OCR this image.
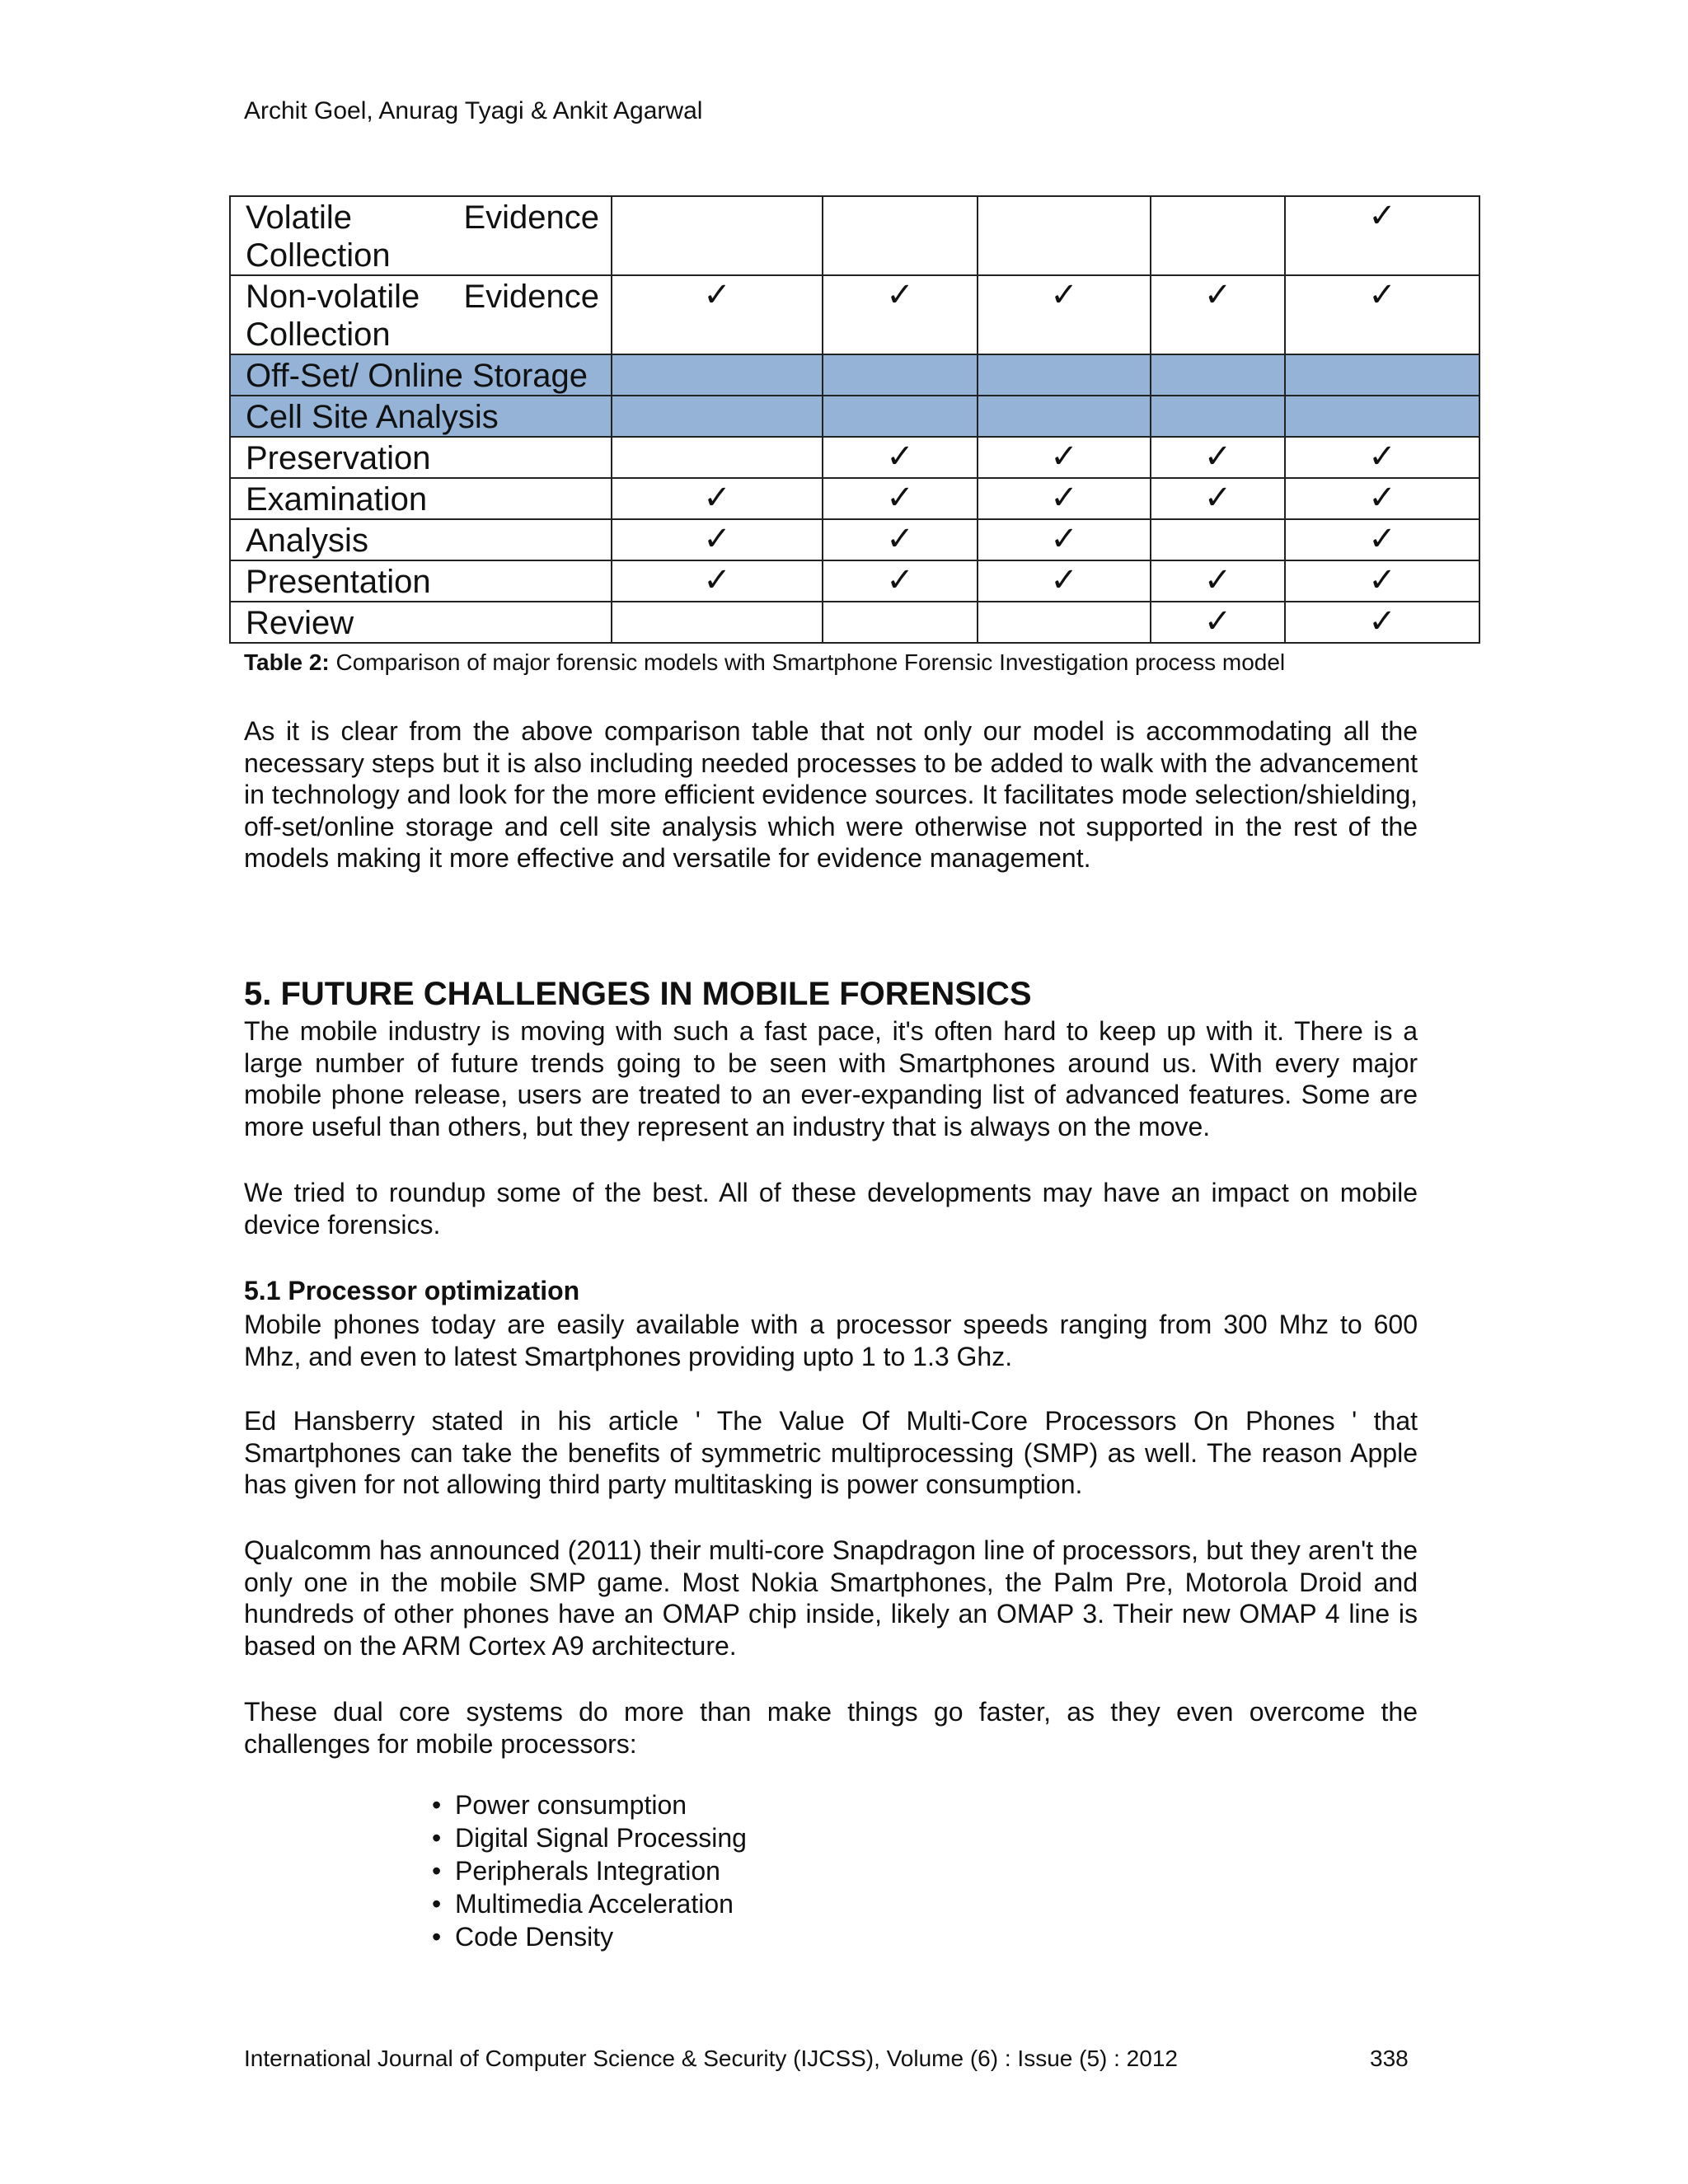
Archit Goel, Anurag Tyagi & Ankit Agarwal
Volatile Evidence
Collection					✓

Non-volatile Evidence
Collection	✓	✓	✓	✓	✓

Off-Set/ Online Storage					

Cell Site Analysis					

Preservation		✓	✓	✓	✓

Examination	✓	✓	✓	✓	✓

Analysis	✓	✓	✓		✓

Presentation	✓	✓	✓	✓	✓

Review				✓	✓
Table 2: Comparison of major forensic models with Smartphone Forensic Investigation process model
As it is clear from the above comparison table that not only our model is accommodating all the necessary steps but it is also including needed processes to be added to walk with the advancement in technology and look for the more efficient evidence sources. It facilitates mode selection/shielding, off-set/online storage and cell site analysis which were otherwise not supported in the rest of the models making it more effective and versatile for evidence management.
5. FUTURE CHALLENGES IN MOBILE FORENSICS
The mobile industry is moving with such a fast pace, it's often hard to keep up with it. There is a large number of future trends going to be seen with Smartphones around us. With every major mobile phone release, users are treated to an ever-expanding list of advanced features. Some are more useful than others, but they represent an industry that is always on the move.
We tried to roundup some of the best. All of these developments may have an impact on mobile device forensics.
5.1 Processor optimization
Mobile phones today are easily available with a processor speeds ranging from 300 Mhz to 600 Mhz, and even to latest Smartphones providing upto 1 to 1.3 Ghz.
Ed Hansberry stated in his article ' The Value Of Multi-Core Processors On Phones ' that Smartphones can take the benefits of symmetric multiprocessing (SMP) as well. The reason Apple has given for not allowing third party multitasking is power consumption.
Qualcomm has announced (2011) their multi-core Snapdragon line of processors, but they aren't the only one in the mobile SMP game. Most Nokia Smartphones, the Palm Pre, Motorola Droid and hundreds of other phones have an OMAP chip inside, likely an OMAP 3. Their new OMAP 4 line is based on the ARM Cortex A9 architecture.
These dual core systems do more than make things go faster, as they even overcome the challenges for mobile processors:
• Power consumption
• Digital Signal Processing
• Peripherals Integration
• Multimedia Acceleration
• Code Density
International Journal of Computer Science & Security (IJCSS), Volume (6) : Issue (5) : 2012	338
